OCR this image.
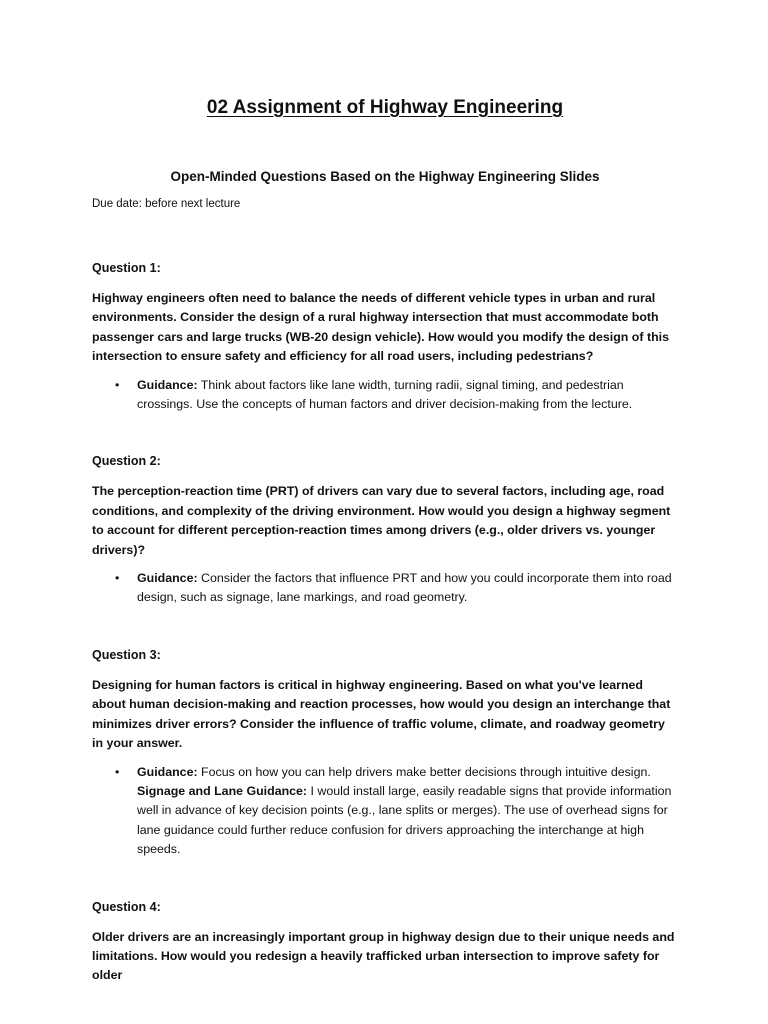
02 Assignment of Highway Engineering

Open-Minded Questions Based on the Highway Engineering Slides

Due date: before next lecture

Question 1:

Highway engineers often need to balance the needs of different vehicle types in urban and rural environments. Consider the design of a rural highway intersection that must accommodate both passenger cars and large trucks (WB-20 design vehicle). How would you modify the design of this intersection to ensure safety and efficiency for all road users, including pedestrians?

• Guidance: Think about factors like lane width, turning radii, signal timing, and pedestrian crossings. Use the concepts of human factors and driver decision-making from the lecture.

Question 2:

The perception-reaction time (PRT) of drivers can vary due to several factors, including age, road conditions, and complexity of the driving environment. How would you design a highway segment to account for different perception-reaction times among drivers (e.g., older drivers vs. younger drivers)?

• Guidance: Consider the factors that influence PRT and how you could incorporate them into road design, such as signage, lane markings, and road geometry.

Question 3:

Designing for human factors is critical in highway engineering. Based on what you've learned about human decision-making and reaction processes, how would you design an interchange that minimizes driver errors? Consider the influence of traffic volume, climate, and roadway geometry in your answer.

• Guidance: Focus on how you can help drivers make better decisions through intuitive design.
Signage and Lane Guidance: I would install large, easily readable signs that provide information well in advance of key decision points (e.g., lane splits or merges). The use of overhead signs for lane guidance could further reduce confusion for drivers approaching the interchange at high speeds.

Question 4:

Older drivers are an increasingly important group in highway design due to their unique needs and limitations. How would you redesign a heavily trafficked urban intersection to improve safety for older
